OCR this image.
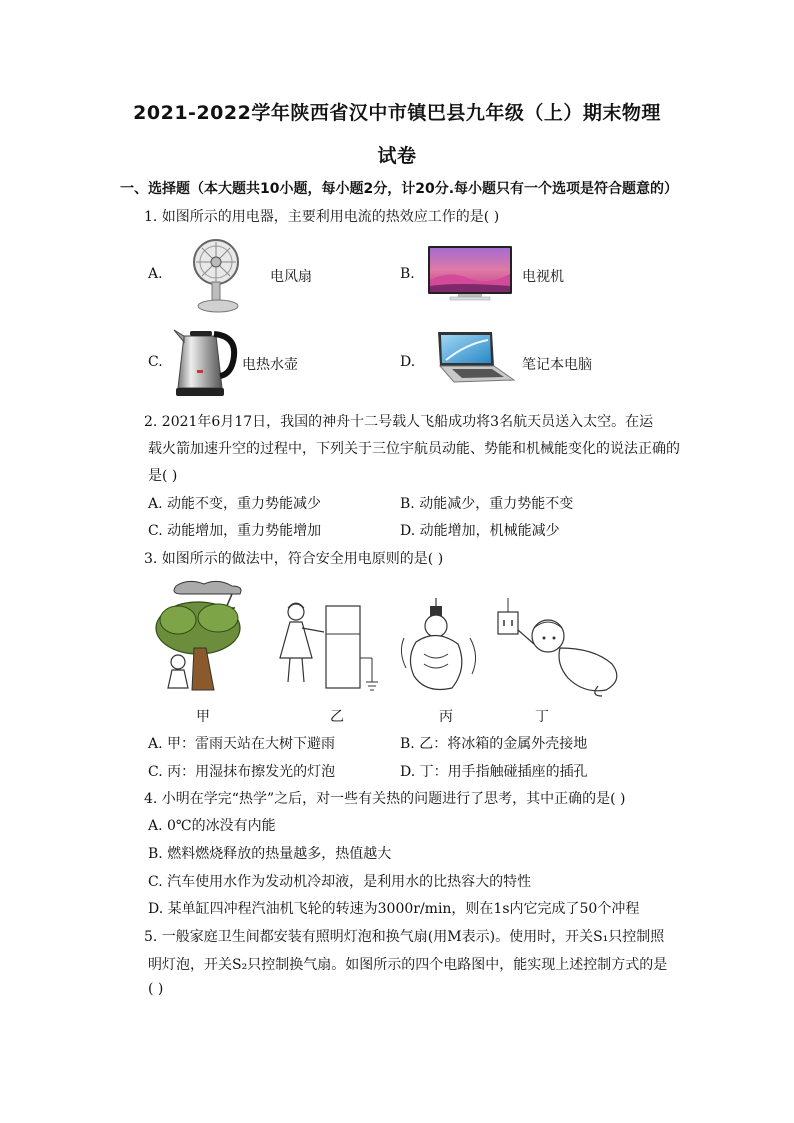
2021-2022学年陕西省汉中市镇巴县九年级（上）期末物理
试卷
一、选择题（本大题共10小题，每小题2分，计20分.每小题只有一个选项是符合题意的）
1. 如图所示的用电器，主要利用电流的热效应工作的是( )
A.	电风扇	B.	电视机
C.	电热水壶	D.	笔记本电脑
2. 2021年6月17日，我国的神舟十二号载人飞船成功将3名航天员送入太空。在运
载火箭加速升空的过程中，下列关于三位宇航员动能、势能和机械能变化的说法正确的
是( )
A. 动能不变，重力势能减少	B. 动能减少，重力势能不变
C. 动能增加，重力势能增加	D. 动能增加，机械能减少
3. 如图所示的做法中，符合安全用电原则的是( )
甲	乙	丙	丁
A. 甲：雷雨天站在大树下避雨	B. 乙：将冰箱的金属外壳接地
C. 丙：用湿抹布擦发光的灯泡	D. 丁：用手指触碰插座的插孔
4. 小明在学完“热学”之后，对一些有关热的问题进行了思考，其中正确的是( )
A. 0℃的冰没有内能
B. 燃料燃烧释放的热量越多，热值越大
C. 汽车使用水作为发动机冷却液，是利用水的比热容大的特性
D. 某单缸四冲程汽油机飞轮的转速为3000r/min，则在1s内它完成了50个冲程
5. 一般家庭卫生间都安装有照明灯泡和换气扇(用M表示)。使用时，开关S₁只控制照
明灯泡，开关S₂只控制换气扇。如图所示的四个电路图中，能实现上述控制方式的是
( )
